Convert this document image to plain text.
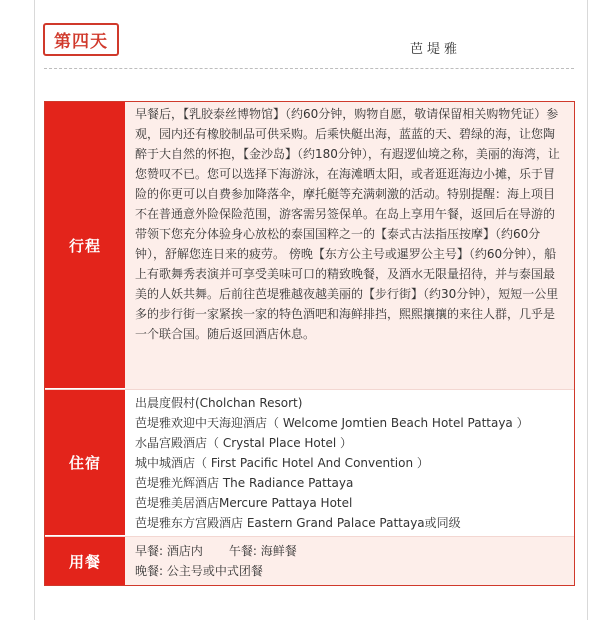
第四天	芭堤雅
行程
早餐后，【乳胶泰丝博物馆】（约60分钟，购物自愿，敬请保留相关购物凭证）参观，园内还有橡胶制品可供采购。后乘快艇出海，蓝蓝的天、碧绿的海，让您陶醉于大自然的怀抱，【金沙岛】（约180分钟），有遐逻仙境之称，美丽的海湾，让您赞叹不已。您可以选择下海游泳，在海滩晒太阳，或者逛逛海边小摊，乐于冒险的你更可以自费参加降落伞，摩托艇等充满刺激的活动。特别提醒：海上项目不在普通意外险保险范围，游客需另签保单。在岛上享用午餐，返回后在导游的带领下您充分体验身心放松的泰国国粹之一的【泰式古法指压按摩】（约60分钟），舒解您连日来的疲劳。 傍晚【东方公主号或暹罗公主号】（约60分钟），船上有歌舞秀表演并可享受美味可口的精致晚餐，及酒水无限量招待，并与泰国最美的人妖共舞。后前往芭堤雅越夜越美丽的【步行街】（约30分钟），短短一公里多的步行街一家紧挨一家的特色酒吧和海鲜排挡，熙熙攘攘的来往人群，几乎是一个联合国。随后返回酒店休息。
住宿
出晨度假村(Cholchan Resort)
芭堤雅欢迎中天海迎酒店（ Welcome Jomtien Beach Hotel Pattaya ）
水晶宫殿酒店（ Crystal Place Hotel ）
城中城酒店（ First Pacific Hotel And Convention ）
芭堤雅光辉酒店 The Radiance Pattaya
芭堤雅美居酒店Mercure Pattaya Hotel
芭堤雅东方宫殿酒店 Eastern Grand Palace Pattaya或同级
用餐
早餐: 酒店内 午餐: 海鲜餐
晚餐: 公主号或中式团餐
